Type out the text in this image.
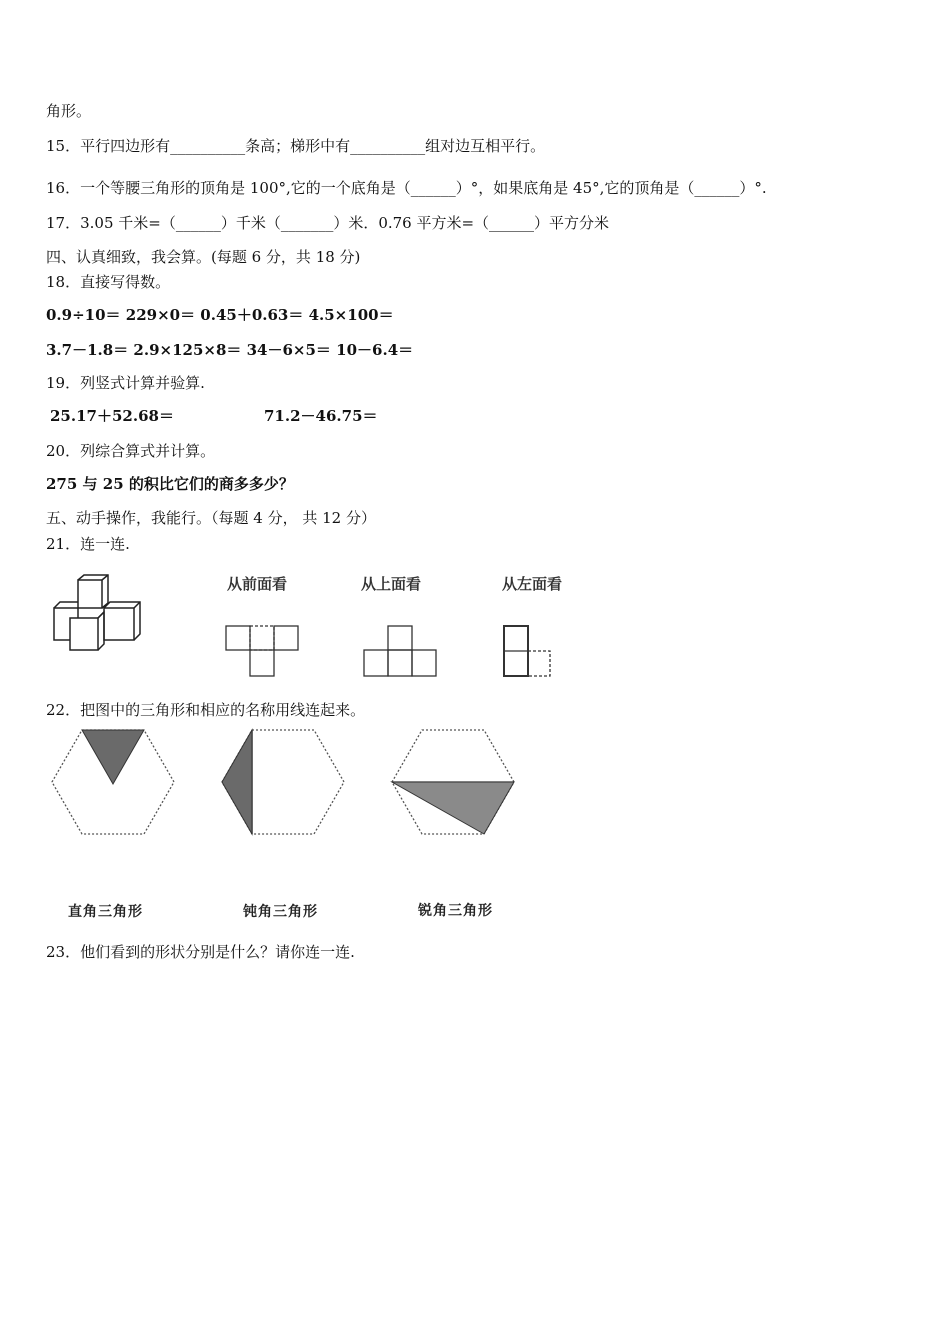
角形。
15．平行四边形有__________条高；梯形中有__________组对边互相平行。
16．一个等腰三角形的顶角是 100°,它的一个底角是（______）°，如果底角是 45°,它的顶角是（______）°.
17．3.05 千米=（______）千米（_______）米．0.76 平方米=（______）平方分米
四、认真细致，我会算。(每题 6 分，共 18 分)
18．直接写得数。
0.9÷10＝ 229×0＝ 0.45＋0.63＝ 4.5×100＝
3.7－1.8＝ 2.9×125×8＝ 34－6×5＝ 10－6.4＝
19．列竖式计算并验算.
25.17＋52.68＝	71.2－46.75＝
20．列综合算式并计算。
275 与 25 的积比它们的商多多少？
五、动手操作，我能行。（每题 4 分， 共 12 分）
21．连一连.
从前面看	从上面看	从左面看
22．把图中的三角形和相应的名称用线连起来。
直角三角形	钝角三角形	锐角三角形
23．他们看到的形状分别是什么？请你连一连.
